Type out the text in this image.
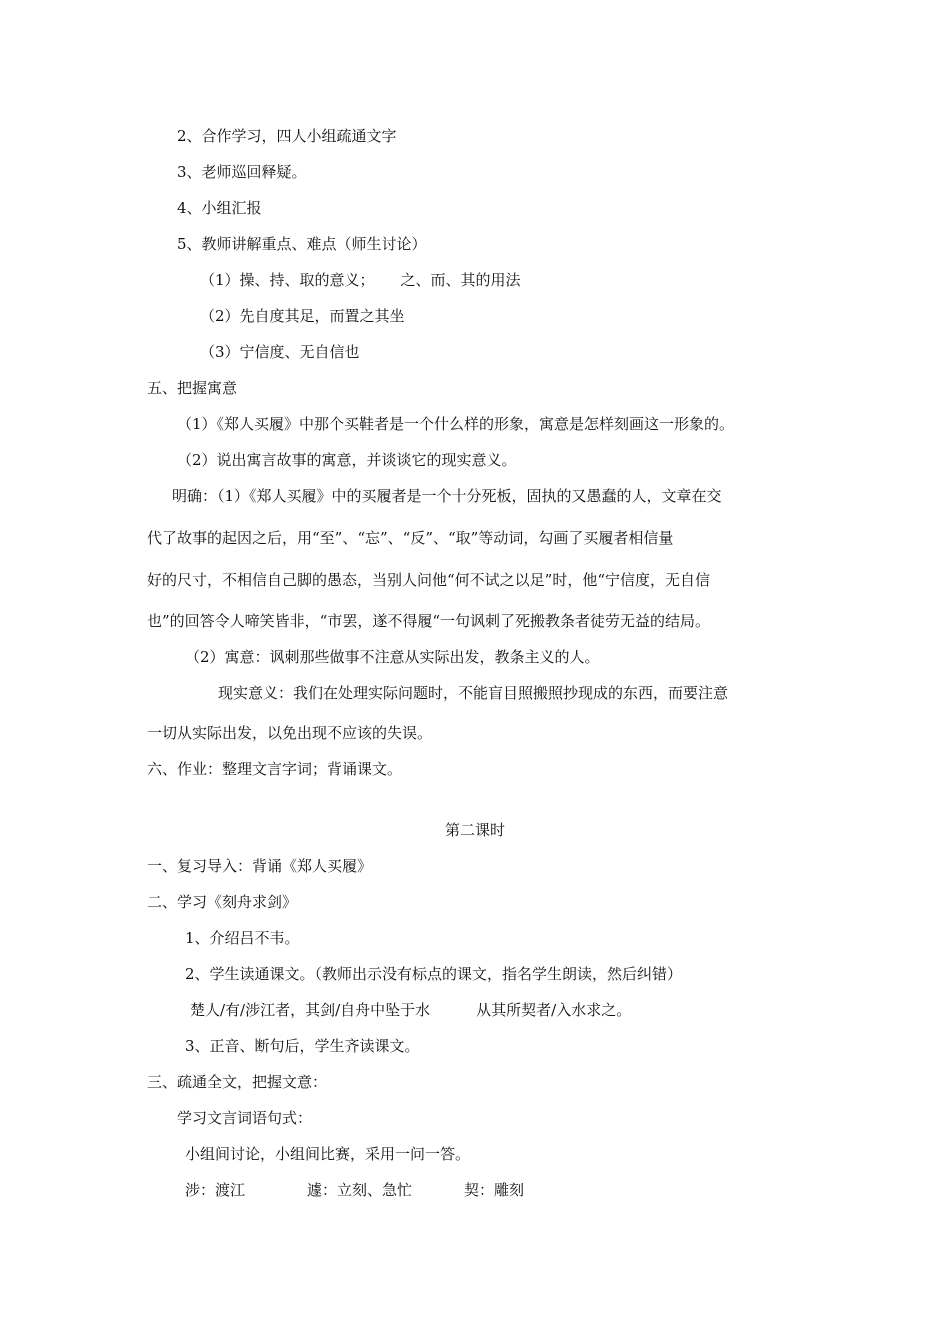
2、合作学习，四人小组疏通文字
3、老师巡回释疑。
4、小组汇报
5、教师讲解重点、难点（师生讨论）
（1）操、持、取的意义； 之、而、其的用法
（2）先自度其足，而置之其坐
（3）宁信度、无自信也
五、把握寓意
（1）《郑人买履》中那个买鞋者是一个什么样的形象，寓意是怎样刻画这一形象的。
（2）说出寓言故事的寓意，并谈谈它的现实意义。
明确：（1）《郑人买履》中的买履者是一个十分死板，固执的又愚蠢的人，文章在交
代了故事的起因之后，用“至”、“忘”、“反”、“取”等动词，勾画了买履者相信量
好的尺寸，不相信自己脚的愚态，当别人问他“何不试之以足”时，他“宁信度，无自信
也”的回答令人啼笑皆非，“市罢，遂不得履“一句讽刺了死搬教条者徒劳无益的结局。
（2）寓意：讽刺那些做事不注意从实际出发，教条主义的人。
现实意义：我们在处理实际问题时，不能盲目照搬照抄现成的东西，而要注意
一切从实际出发，以免出现不应该的失误。
六、作业：整理文言字词；背诵课文。
第二课时
一、复习导入：背诵《郑人买履》
二、学习《刻舟求剑》
1、介绍吕不韦。
2、学生读通课文。（教师出示没有标点的课文，指名学生朗读，然后纠错）
楚人/有/涉江者，其剑/自舟中坠于水	从其所契者/入水求之。
3、正音、断句后，学生齐读课文。
三、疏通全文，把握文意：
学习文言词语句式：
小组间讨论，小组间比赛，采用一问一答。
涉：渡江	遽：立刻、急忙	契：雕刻
